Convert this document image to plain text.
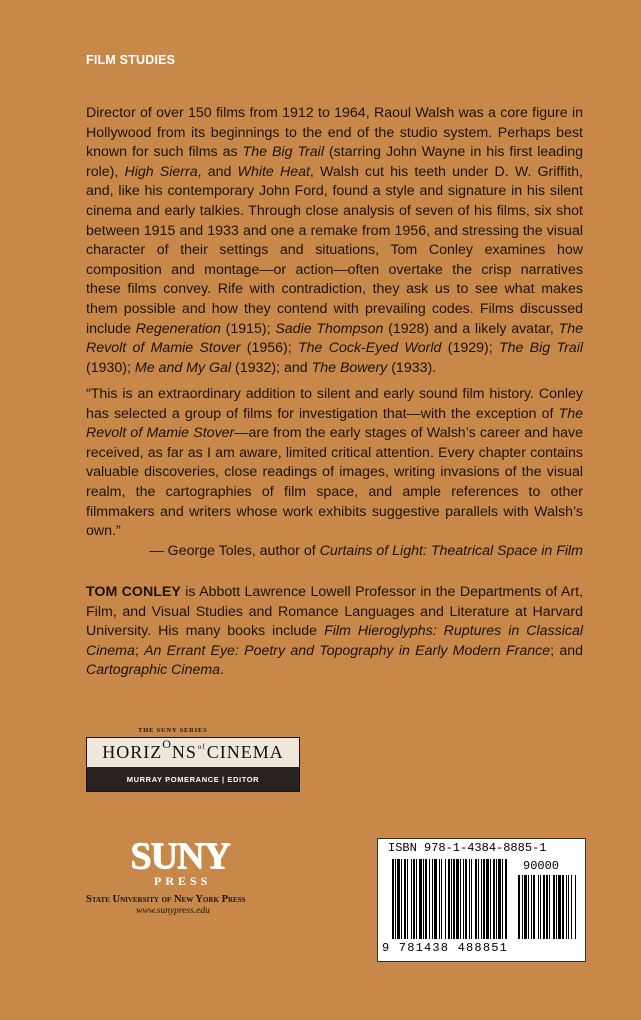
FILM STUDIES

Director of over 150 films from 1912 to 1964, Raoul Walsh was a core figure in Hollywood from its beginnings to the end of the studio system. Perhaps best known for such films as The Big Trail (starring John Wayne in his first leading role), High Sierra, and White Heat, Walsh cut his teeth under D. W. Griffith, and, like his contemporary John Ford, found a style and signature in his silent cinema and early talkies. Through close analysis of seven of his films, six shot between 1915 and 1933 and one a remake from 1956, and stressing the visual character of their settings and situations, Tom Conley examines how composition and montage—or action—often overtake the crisp narratives these films convey. Rife with contradiction, they ask us to see what makes them possible and how they contend with prevailing codes. Films discussed include Regeneration (1915); Sadie Thompson (1928) and a likely avatar, The Revolt of Mamie Stover (1956); The Cock-Eyed World (1929); The Big Trail (1930); Me and My Gal (1932); and The Bowery (1933).

“This is an extraordinary addition to silent and early sound film history. Conley has selected a group of films for investigation that—with the exception of The Revolt of Mamie Stover—are from the early stages of Walsh’s career and have received, as far as I am aware, limited critical attention. Every chapter contains valuable discoveries, close readings of images, writing invasions of the visual realm, the cartographies of film space, and ample references to other filmmakers and writers whose work exhibits suggestive parallels with Walsh’s own.”

— George Toles, author of Curtains of Light: Theatrical Space in Film

TOM CONLEY is Abbott Lawrence Lowell Professor in the Departments of Art, Film, and Visual Studies and Romance Languages and Literature at Harvard University. His many books include Film Hieroglyphs: Ruptures in Classical Cinema; An Errant Eye: Poetry and Topography in Early Modern France; and Cartographic Cinema.

THE SUNY SERIES
HORIZ O NS of CINEMA
MURRAY POMERANCE | EDITOR
SUNY
PRESS
State University of New York Press
www.sunypress.edu
ISBN 978-1-4384-8885-1
90000
9 781438 488851
